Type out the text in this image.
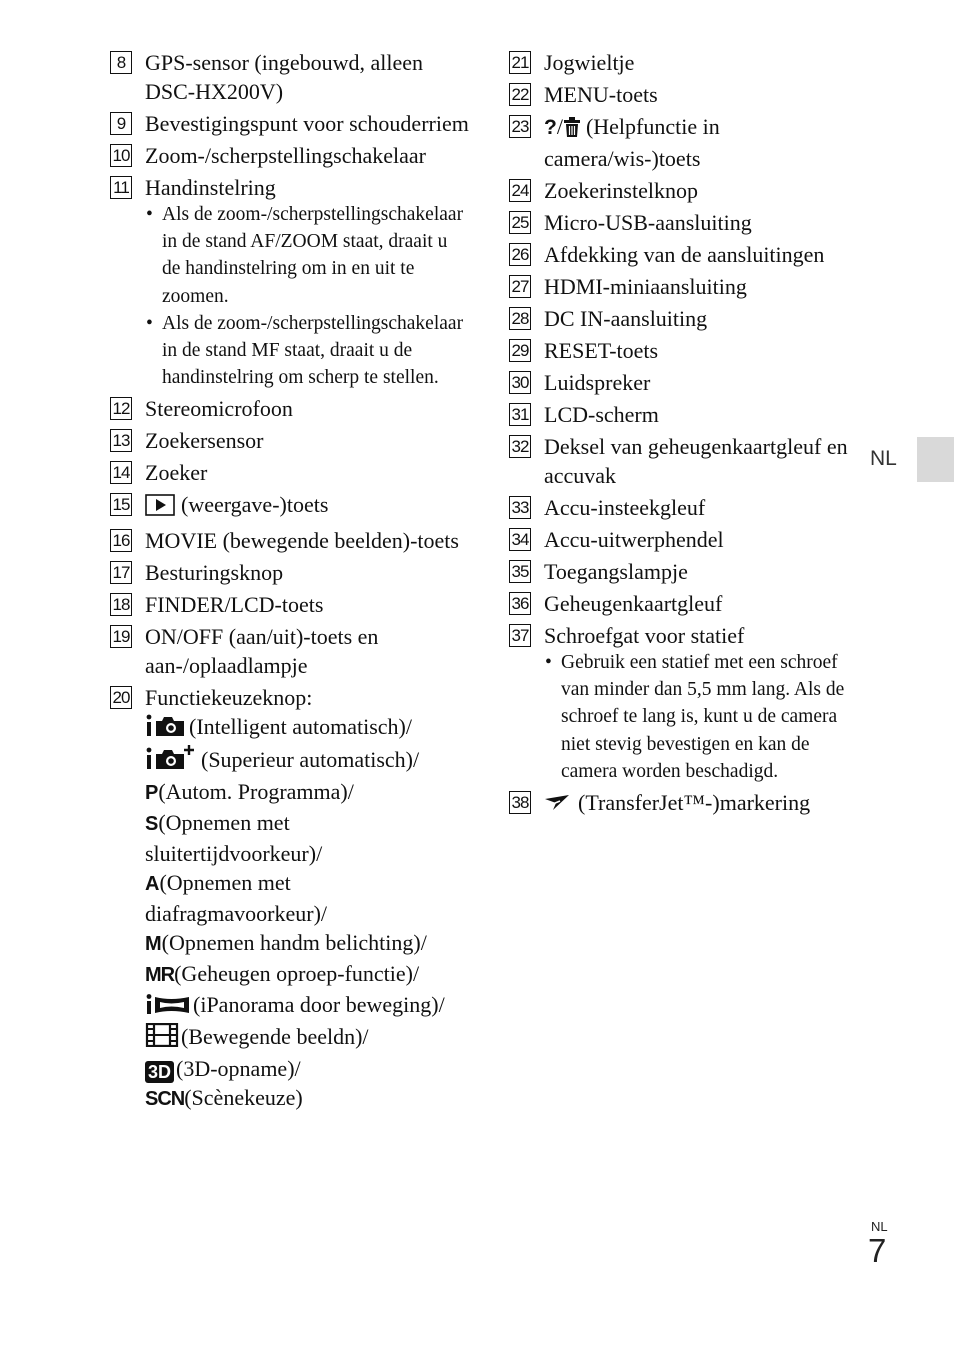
NL
8 GPS-sensor (ingebouwd, alleen DSC-HX200V)
9 Bevestigingspunt voor schouderriem
10 Zoom-/scherpstellingschakelaar
11 Handinstelring
• Als de zoom-/scherpstellingschakelaar in de stand AF/ZOOM staat, draait u de handinstelring om in en uit te zoomen.
• Als de zoom-/scherpstellingschakelaar in de stand MF staat, draait u de handinstelring om scherp te stellen.
12 Stereomicrofoon
13 Zoekersensor
14 Zoeker
15 (weergave-)toets
16 MOVIE (bewegende beelden)-toets
17 Besturingsknop
18 FINDER/LCD-toets
19 ON/OFF (aan/uit)-toets en aan-/oplaadlampje
20 Functiekeuzeknop:
(Intelligent automatisch)/
(Superieur automatisch)/
P(Autom. Programma)/
S(Opnemen met sluitertijdvoorkeur)/
A(Opnemen met diafragmavoorkeur)/
M(Opnemen handm belichting)/
MR(Geheugen oproep-functie)/
(iPanorama door beweging)/
(Bewegende beeldn)/
3D (3D-opname)/
SCN(Scènekeuze)
21 Jogwieltje
22 MENU-toets
23 ?/ (Helpfunctie in camera/wis-)toets
24 Zoekerinstelknop
25 Micro-USB-aansluiting
26 Afdekking van de aansluitingen
27 HDMI-miniaansluiting
28 DC IN-aansluiting
29 RESET-toets
30 Luidspreker
31 LCD-scherm
32 Deksel van geheugenkaartgleuf en accuvak
33 Accu-insteekgleuf
34 Accu-uitwerphendel
35 Toegangslampje
36 Geheugenkaartgleuf
37 Schroefgat voor statief
• Gebruik een statief met een schroef van minder dan 5,5 mm lang. Als de schroef te lang is, kunt u de camera niet stevig bevestigen en kan de camera worden beschadigd.
38 (TransferJet™-)markering
NL
7
